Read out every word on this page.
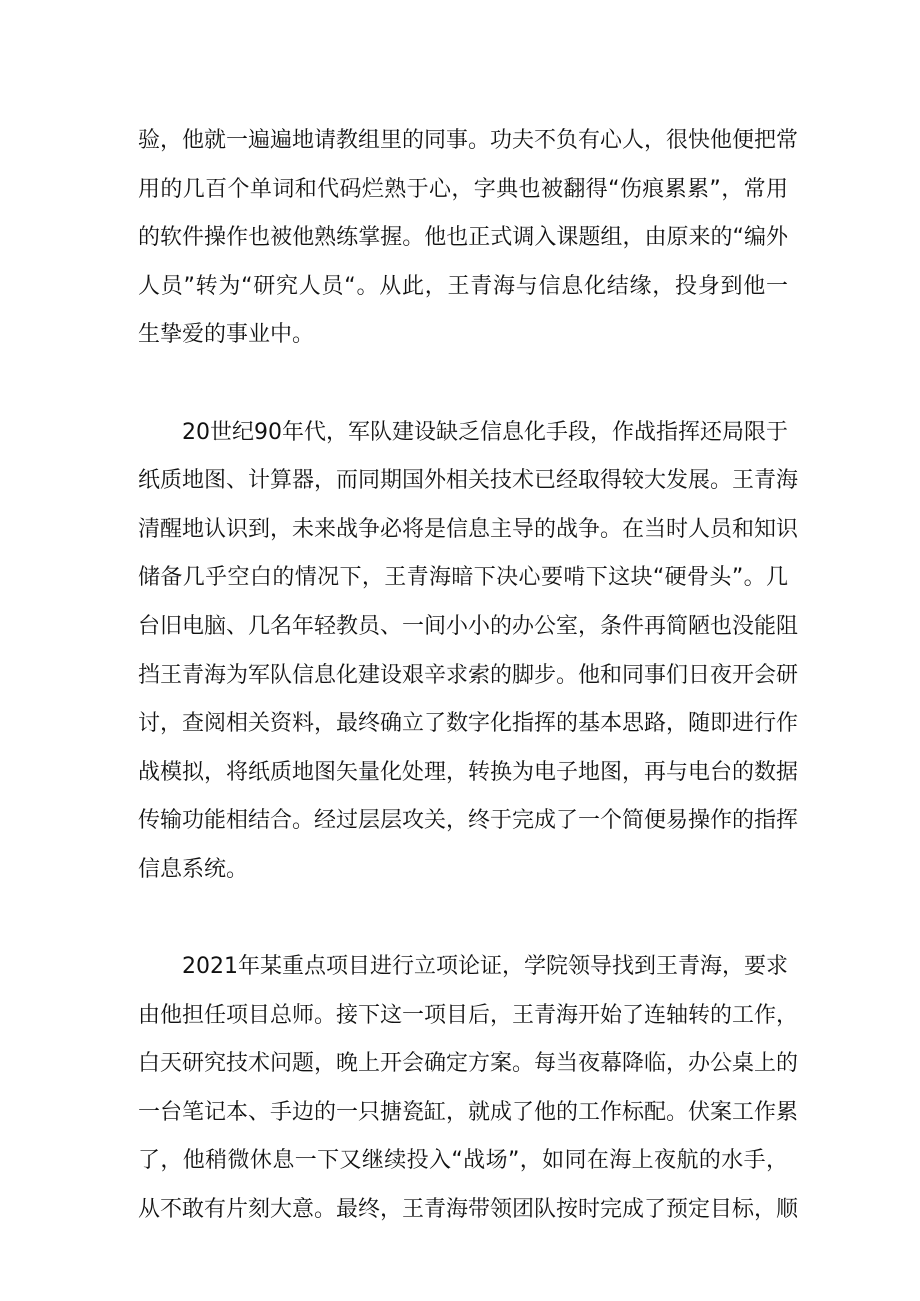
验，他就一遍遍地请教组里的同事。功夫不负有心人，很快他便把常
用的几百个单词和代码烂熟于心，字典也被翻得“伤痕累累”，常用
的软件操作也被他熟练掌握。他也正式调入课题组，由原来的“编外
人员”转为“研究人员“。从此，王青海与信息化结缘，投身到他一
生挚爱的事业中。
20世纪90年代，军队建设缺乏信息化手段，作战指挥还局限于
纸质地图、计算器，而同期国外相关技术已经取得较大发展。王青海
清醒地认识到，未来战争必将是信息主导的战争。在当时人员和知识
储备几乎空白的情况下，王青海暗下决心要啃下这块“硬骨头”。几
台旧电脑、几名年轻教员、一间小小的办公室，条件再简陋也没能阻
挡王青海为军队信息化建设艰辛求索的脚步。他和同事们日夜开会研
讨，查阅相关资料，最终确立了数字化指挥的基本思路，随即进行作
战模拟，将纸质地图矢量化处理，转换为电子地图，再与电台的数据
传输功能相结合。经过层层攻关，终于完成了一个简便易操作的指挥
信息系统。
2021年某重点项目进行立项论证，学院领导找到王青海，要求
由他担任项目总师。接下这一项目后，王青海开始了连轴转的工作，
白天研究技术问题，晚上开会确定方案。每当夜幕降临，办公桌上的
一台笔记本、手边的一只搪瓷缸，就成了他的工作标配。伏案工作累
了，他稍微休息一下又继续投入“战场”，如同在海上夜航的水手，
从不敢有片刻大意。最终，王青海带领团队按时完成了预定目标，顺
